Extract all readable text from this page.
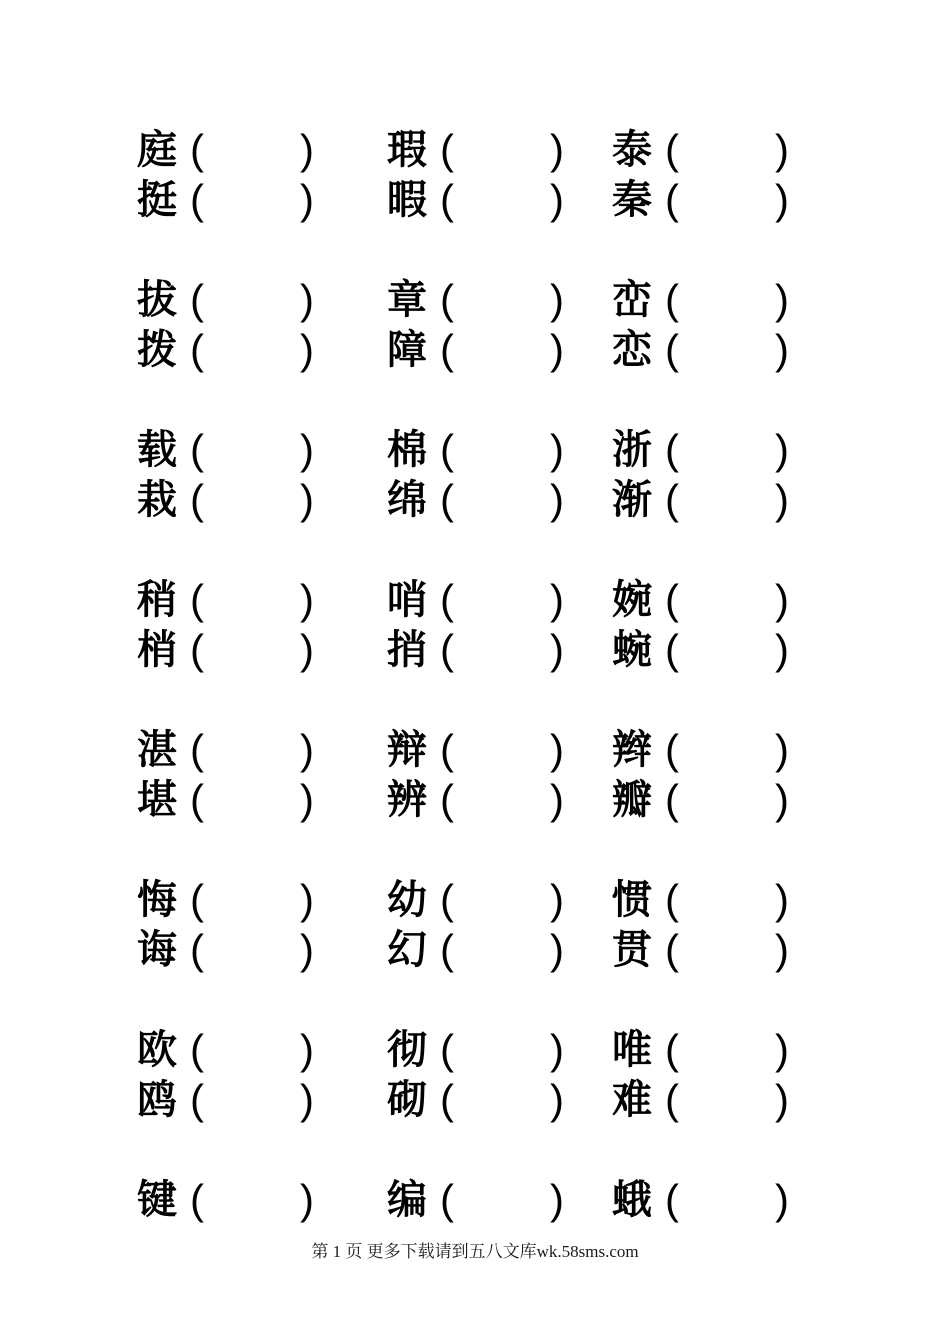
庭 ( ) 瑕 ( ) 泰 ( )
挺 ( ) 暇 ( ) 秦 ( )
拔 ( ) 章 ( ) 峦 ( )
拨 ( ) 障 ( ) 恋 ( )
载 ( ) 棉 ( ) 浙 ( )
栽 ( ) 绵 ( ) 渐 ( )
稍 ( ) 哨 ( ) 婉 ( )
梢 ( ) 捎 ( ) 蜿 ( )
湛 ( ) 辩 ( ) 辫 ( )
堪 ( ) 辨 ( ) 瓣 ( )
悔 ( ) 幼 ( ) 惯 ( )
诲 ( ) 幻 ( ) 贯 ( )
欧 ( ) 彻 ( ) 唯 ( )
鸥 ( ) 砌 ( ) 难 ( )
键 ( ) 编 ( ) 蛾 ( )
第 1 页 更多下载请到五八文库wk.58sms.com
